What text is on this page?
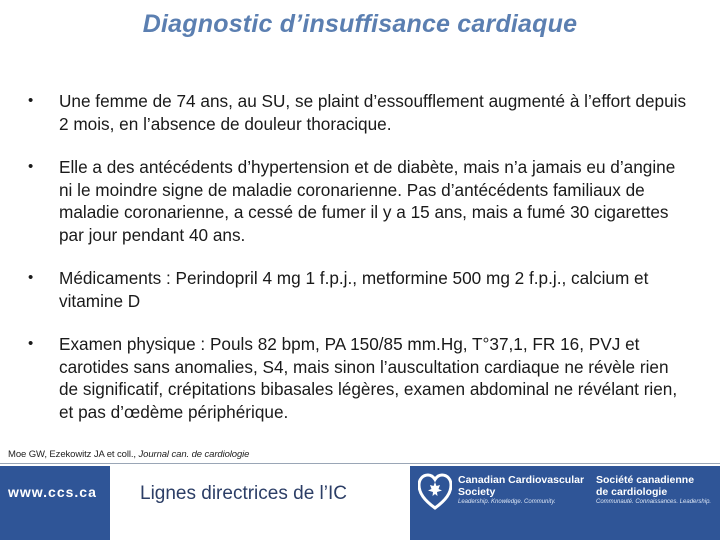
Diagnostic d’insuffisance cardiaque
• Une femme de 74 ans, au SU, se plaint d’essoufflement augmenté à l’effort depuis 2 mois, en l’absence de douleur thoracique.
• Elle a des antécédents d’hypertension et de diabète, mais n’a jamais eu d’angine ni le moindre signe de maladie coronarienne. Pas d’antécédents familiaux de maladie coronarienne, a cessé de fumer il y a 15 ans, mais a fumé 30 cigarettes par jour pendant 40 ans.
• Médicaments : Perindopril 4 mg 1 f.p.j., metformine 500 mg 2 f.p.j., calcium et vitamine D
• Examen physique : Pouls 82 bpm, PA 150/85 mm.Hg, T°37,1, FR 16, PVJ et carotides sans anomalies, S4, mais sinon l’auscultation cardiaque ne révèle rien de significatif, crépitations bibasales légères, examen abdominal ne révélant rien, et pas d’œdème périphérique.
Moe GW, Ezekowitz JA et coll., Journal can. de cardiologie
www.ccs.ca Lignes directrices de l’IC
Canadian Cardiovascular
Society
Leadership. Knowledge. Community.
Société canadienne
de cardiologie
Communauté. Connaissances. Leadership.
